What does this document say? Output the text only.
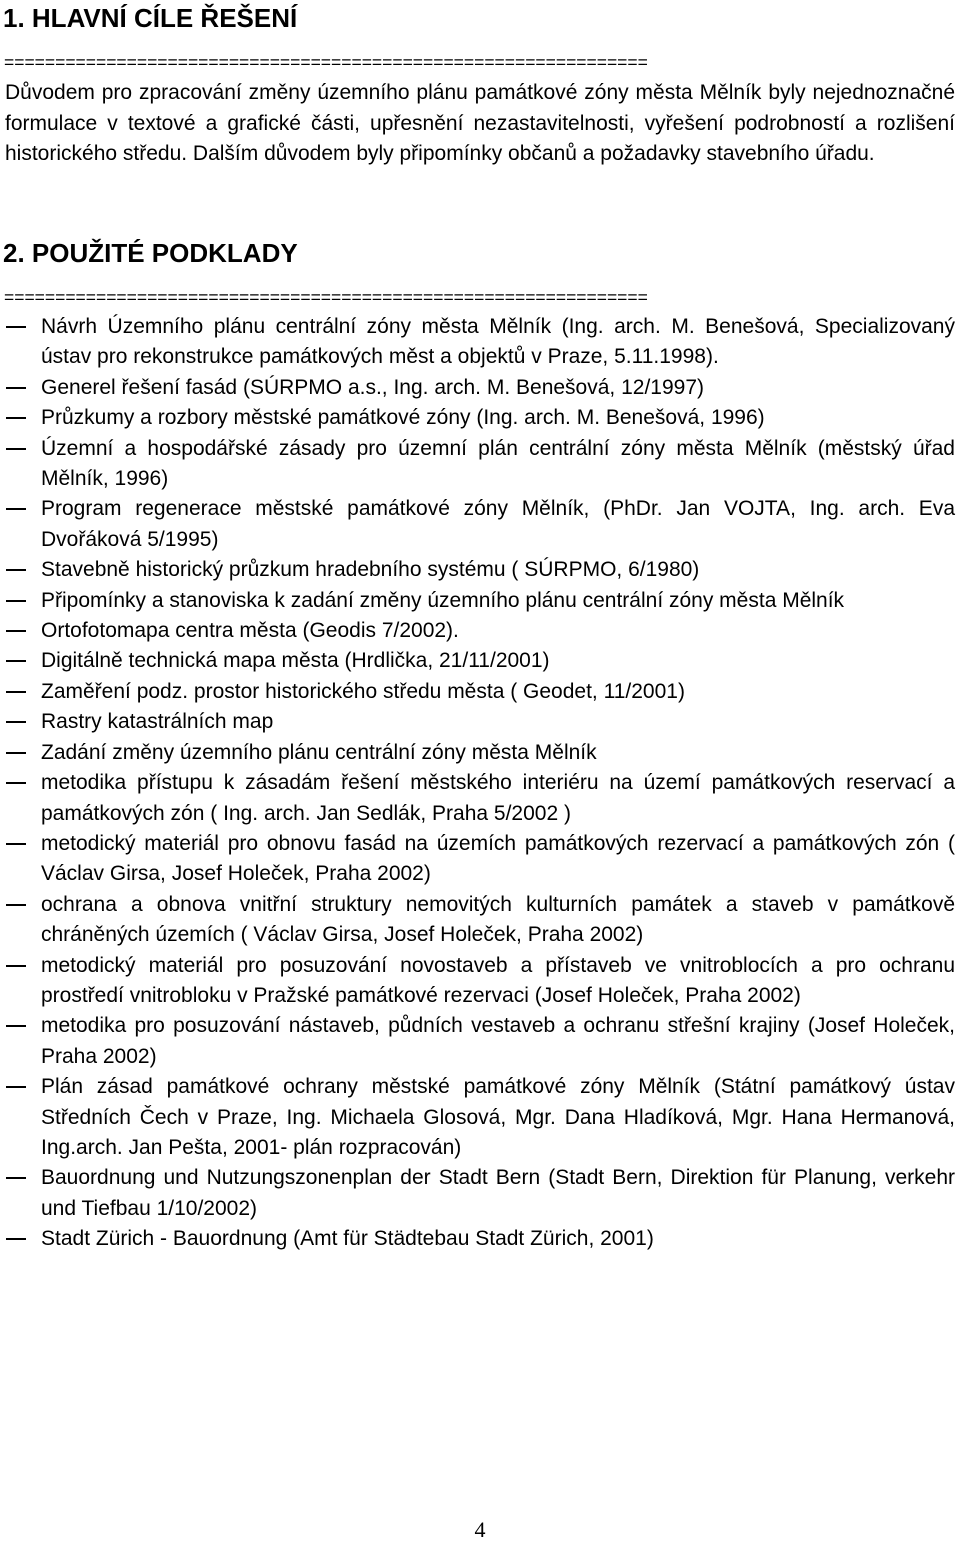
1. HLAVNÍ CÍLE ŘEŠENÍ
===============================================================

Důvodem pro zpracování změny územního plánu památkové zóny města Mělník byly nejednoznačné formulace v textové a grafické části, upřesnění nezastavitelnosti, vyřešení podrobností a rozlišení historického středu. Dalším důvodem byly připomínky občanů a požadavky stavebního úřadu.

2. POUŽITÉ PODKLADY
===============================================================
Návrh Územního plánu centrální zóny města Mělník (Ing. arch. M. Benešová, Specializovaný ústav pro rekonstrukce památkových měst a objektů v Praze, 5.11.1998).
Generel řešení fasád (SÚRPMO a.s., Ing. arch. M. Benešová, 12/1997)
Průzkumy a rozbory městské památkové zóny (Ing. arch. M. Benešová, 1996)
Územní a hospodářské zásady pro územní plán centrální zóny města Mělník (městský úřad Mělník, 1996)
Program regenerace městské památkové zóny Mělník, (PhDr. Jan VOJTA, Ing. arch. Eva Dvořáková 5/1995)
Stavebně historický průzkum hradebního systému ( SÚRPMO, 6/1980)
Připomínky a stanoviska k zadání změny územního plánu centrální zóny města Mělník
Ortofotomapa centra města (Geodis 7/2002).
Digitálně technická mapa města (Hrdlička, 21/11/2001)
Zaměření podz. prostor historického středu města ( Geodet, 11/2001)
Rastry katastrálních map
Zadání změny územního plánu centrální zóny města Mělník
metodika přístupu k zásadám řešení městského interiéru na území památkových reservací a památkových zón ( Ing. arch. Jan Sedlák, Praha 5/2002 )
metodický materiál pro obnovu fasád na územích památkových rezervací a památkových zón ( Václav Girsa, Josef Holeček, Praha 2002)
ochrana a obnova vnitřní struktury nemovitých kulturních památek a staveb v památkově chráněných územích ( Václav Girsa, Josef Holeček, Praha 2002)
metodický materiál pro posuzování novostaveb a přístaveb ve vnitroblocích a pro ochranu prostředí vnitrobloku v Pražské památkové rezervaci (Josef Holeček, Praha 2002)
metodika pro posuzování nástaveb, půdních vestaveb a ochranu střešní krajiny (Josef Holeček, Praha 2002)
Plán zásad památkové ochrany městské památkové zóny Mělník (Státní památkový ústav Středních Čech v Praze, Ing. Michaela Glosová, Mgr. Dana Hladíková, Mgr. Hana Hermanová, Ing.arch. Jan Pešta, 2001- plán rozpracován)
Bauordnung und Nutzungszonenplan der Stadt Bern (Stadt Bern, Direktion für Planung, verkehr und Tiefbau 1/10/2002)
Stadt Zürich - Bauordnung (Amt für Städtebau Stadt Zürich, 2001)
4
